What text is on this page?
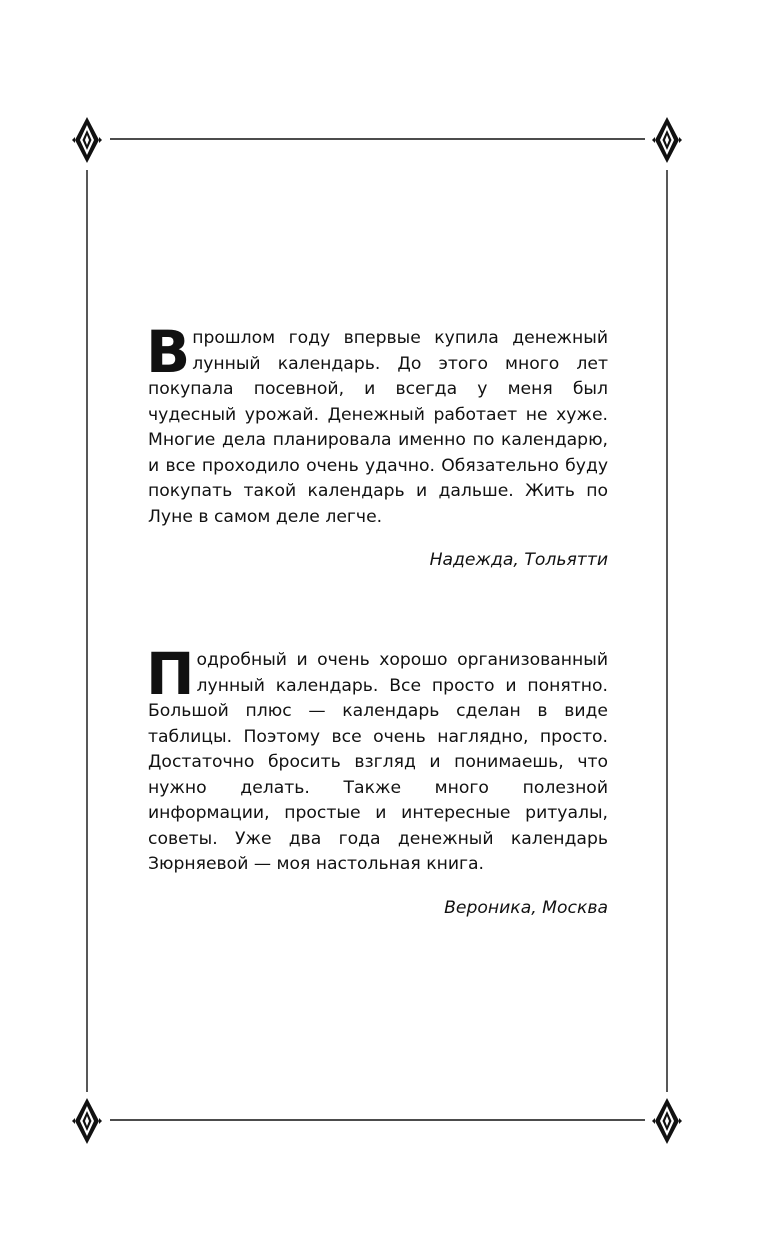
В прошлом году впервые купила денежный лунный календарь. До этого много лет покупала посевной, и всегда у меня был чудесный урожай. Денежный работает не хуже. Многие дела планировала именно по календарю, и все проходило очень удачно. Обязательно буду покупать такой календарь и дальше. Жить по Луне в самом деле легче.

Надежда, Тольятти

Подробный и очень хорошо организованный лунный календарь. Все просто и понятно. Большой плюс — календарь сделан в виде таблицы. Поэтому все очень наглядно, просто. Достаточно бросить взгляд и понимаешь, что нужно делать. Также много полезной информации, простые и интересные ритуалы, советы. Уже два года денежный календарь Зюрняевой — моя настольная книга.

Вероника, Москва
